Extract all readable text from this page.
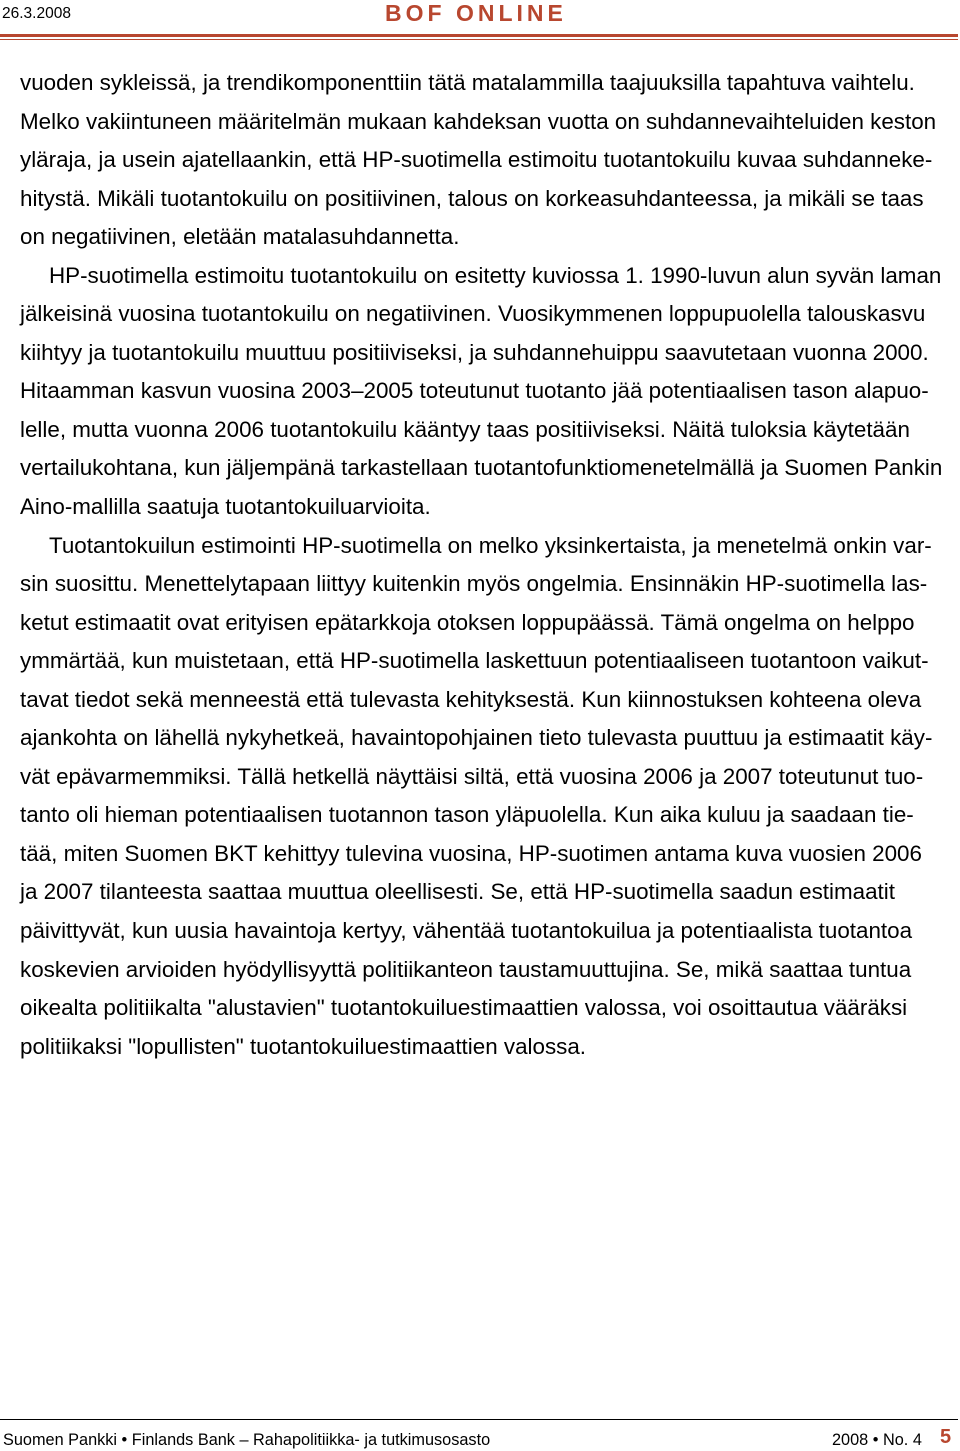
26.3.2008	BOF ONLINE
vuoden sykleissä, ja trendikomponenttiin tätä matalammilla taajuuksilla tapahtuva vaihtelu.
Melko vakiintuneen määritelmän mukaan kahdeksan vuotta on suhdannevaihteluiden keston
yläraja, ja usein ajatellaankin, että HP-suotimella estimoitu tuotantokuilu kuvaa suhdanneke-
hitystä. Mikäli tuotantokuilu on positiivinen, talous on korkeasuhdanteessa, ja mikäli se taas
on negatiivinen, eletään matalasuhdannetta.
HP-suotimella estimoitu tuotantokuilu on esitetty kuviossa 1. 1990-luvun alun syvän laman
jälkeisinä vuosina tuotantokuilu on negatiivinen. Vuosikymmenen loppupuolella talouskasvu
kiihtyy ja tuotantokuilu muuttuu positiiviseksi, ja suhdannehuippu saavutetaan vuonna 2000.
Hitaamman kasvun vuosina 2003–2005 toteutunut tuotanto jää potentiaalisen tason alapuo-
lelle, mutta vuonna 2006 tuotantokuilu kääntyy taas positiiviseksi. Näitä tuloksia käytetään
vertailukohtana, kun jäljempänä tarkastellaan tuotantofunktiomenetelmällä ja Suomen Pankin
Aino-mallilla saatuja tuotantokuiluarvioita.
Tuotantokuilun estimointi HP-suotimella on melko yksinkertaista, ja menetelmä onkin var-
sin suosittu. Menettelytapaan liittyy kuitenkin myös ongelmia. Ensinnäkin HP-suotimella las-
ketut estimaatit ovat erityisen epätarkkoja otoksen loppupäässä. Tämä ongelma on helppo
ymmärtää, kun muistetaan, että HP-suotimella laskettuun potentiaaliseen tuotantoon vaikut-
tavat tiedot sekä menneestä että tulevasta kehityksestä. Kun kiinnostuksen kohteena oleva
ajankohta on lähellä nykyhetkeä, havaintopohjainen tieto tulevasta puuttuu ja estimaatit käy-
vät epävarmemmiksi. Tällä hetkellä näyttäisi siltä, että vuosina 2006 ja 2007 toteutunut tuo-
tanto oli hieman potentiaalisen tuotannon tason yläpuolella. Kun aika kuluu ja saadaan tie-
tää, miten Suomen BKT kehittyy tulevina vuosina, HP-suotimen antama kuva vuosien 2006
ja 2007 tilanteesta saattaa muuttua oleellisesti. Se, että HP-suotimella saadun estimaatit
päivittyvät, kun uusia havaintoja kertyy, vähentää tuotantokuilua ja potentiaalista tuotantoa
koskevien arvioiden hyödyllisyyttä politiikanteon taustamuuttujina. Se, mikä saattaa tuntua
oikealta politiikalta "alustavien" tuotantokuiluestimaattien valossa, voi osoittautua vääräksi
politiikaksi "lopullisten" tuotantokuiluestimaattien valossa.
Suomen Pankki • Finlands Bank – Rahapolitiikka- ja tutkimusosasto	2008 • No. 4 5
